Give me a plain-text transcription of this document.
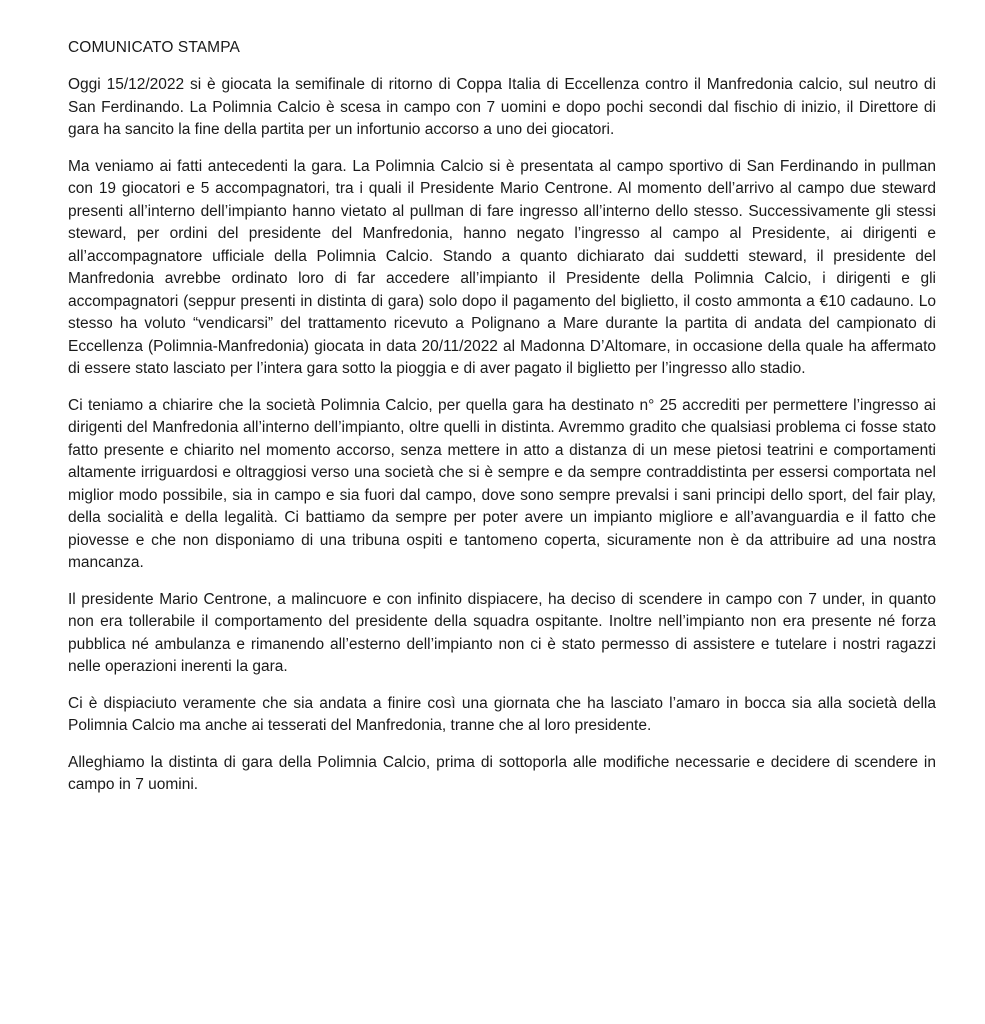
COMUNICATO STAMPA

Oggi 15/12/2022 si è giocata la semifinale di ritorno di Coppa Italia di Eccellenza contro il Manfredonia calcio, sul neutro di San Ferdinando. La Polimnia Calcio è scesa in campo con 7 uomini e dopo pochi secondi dal fischio di inizio, il Direttore di gara ha sancito la fine della partita per un infortunio accorso a uno dei giocatori.

Ma veniamo ai fatti antecedenti la gara. La Polimnia Calcio si è presentata al campo sportivo di San Ferdinando in pullman con 19 giocatori e 5 accompagnatori, tra i quali il Presidente Mario Centrone. Al momento dell’arrivo al campo due steward presenti all’interno dell’impianto hanno vietato al pullman di fare ingresso all’interno dello stesso. Successivamente gli stessi steward, per ordini del presidente del Manfredonia, hanno negato l’ingresso al campo al Presidente, ai dirigenti e all’accompagnatore ufficiale della Polimnia Calcio. Stando a quanto dichiarato dai suddetti steward, il presidente del Manfredonia avrebbe ordinato loro di far accedere all’impianto il Presidente della Polimnia Calcio, i dirigenti e gli accompagnatori (seppur presenti in distinta di gara) solo dopo il pagamento del biglietto, il costo ammonta a €10 cadauno. Lo stesso ha voluto “vendicarsi” del trattamento ricevuto a Polignano a Mare durante la partita di andata del campionato di Eccellenza (Polimnia-Manfredonia) giocata in data 20/11/2022 al Madonna D’Altomare, in occasione della quale ha affermato di essere stato lasciato per l’intera gara sotto la pioggia e di aver pagato il biglietto per l’ingresso allo stadio.

Ci teniamo a chiarire che la società Polimnia Calcio, per quella gara ha destinato n° 25 accrediti per permettere l’ingresso ai dirigenti del Manfredonia all’interno dell’impianto, oltre quelli in distinta. Avremmo gradito che qualsiasi problema ci fosse stato fatto presente e chiarito nel momento accorso, senza mettere in atto a distanza di un mese pietosi teatrini e comportamenti altamente irriguardosi e oltraggiosi verso una società che si è sempre e da sempre contraddistinta per essersi comportata nel miglior modo possibile, sia in campo e sia fuori dal campo, dove sono sempre prevalsi i sani principi dello sport, del fair play, della socialità e della legalità. Ci battiamo da sempre per poter avere un impianto migliore e all’avanguardia e il fatto che piovesse e che non disponiamo di una tribuna ospiti e tantomeno coperta, sicuramente non è da attribuire ad una nostra mancanza.

Il presidente Mario Centrone, a malincuore e con infinito dispiacere, ha deciso di scendere in campo con 7 under, in quanto non era tollerabile il comportamento del presidente della squadra ospitante. Inoltre nell’impianto non era presente né forza pubblica né ambulanza e rimanendo all’esterno dell’impianto non ci è stato permesso di assistere e tutelare i nostri ragazzi nelle operazioni inerenti la gara.

Ci è dispiaciuto veramente che sia andata a finire così una giornata che ha lasciato l’amaro in bocca sia alla società della Polimnia Calcio ma anche ai tesserati del Manfredonia, tranne che al loro presidente.

Alleghiamo la distinta di gara della Polimnia Calcio, prima di sottoporla alle modifiche necessarie e decidere di scendere in campo in 7 uomini.
